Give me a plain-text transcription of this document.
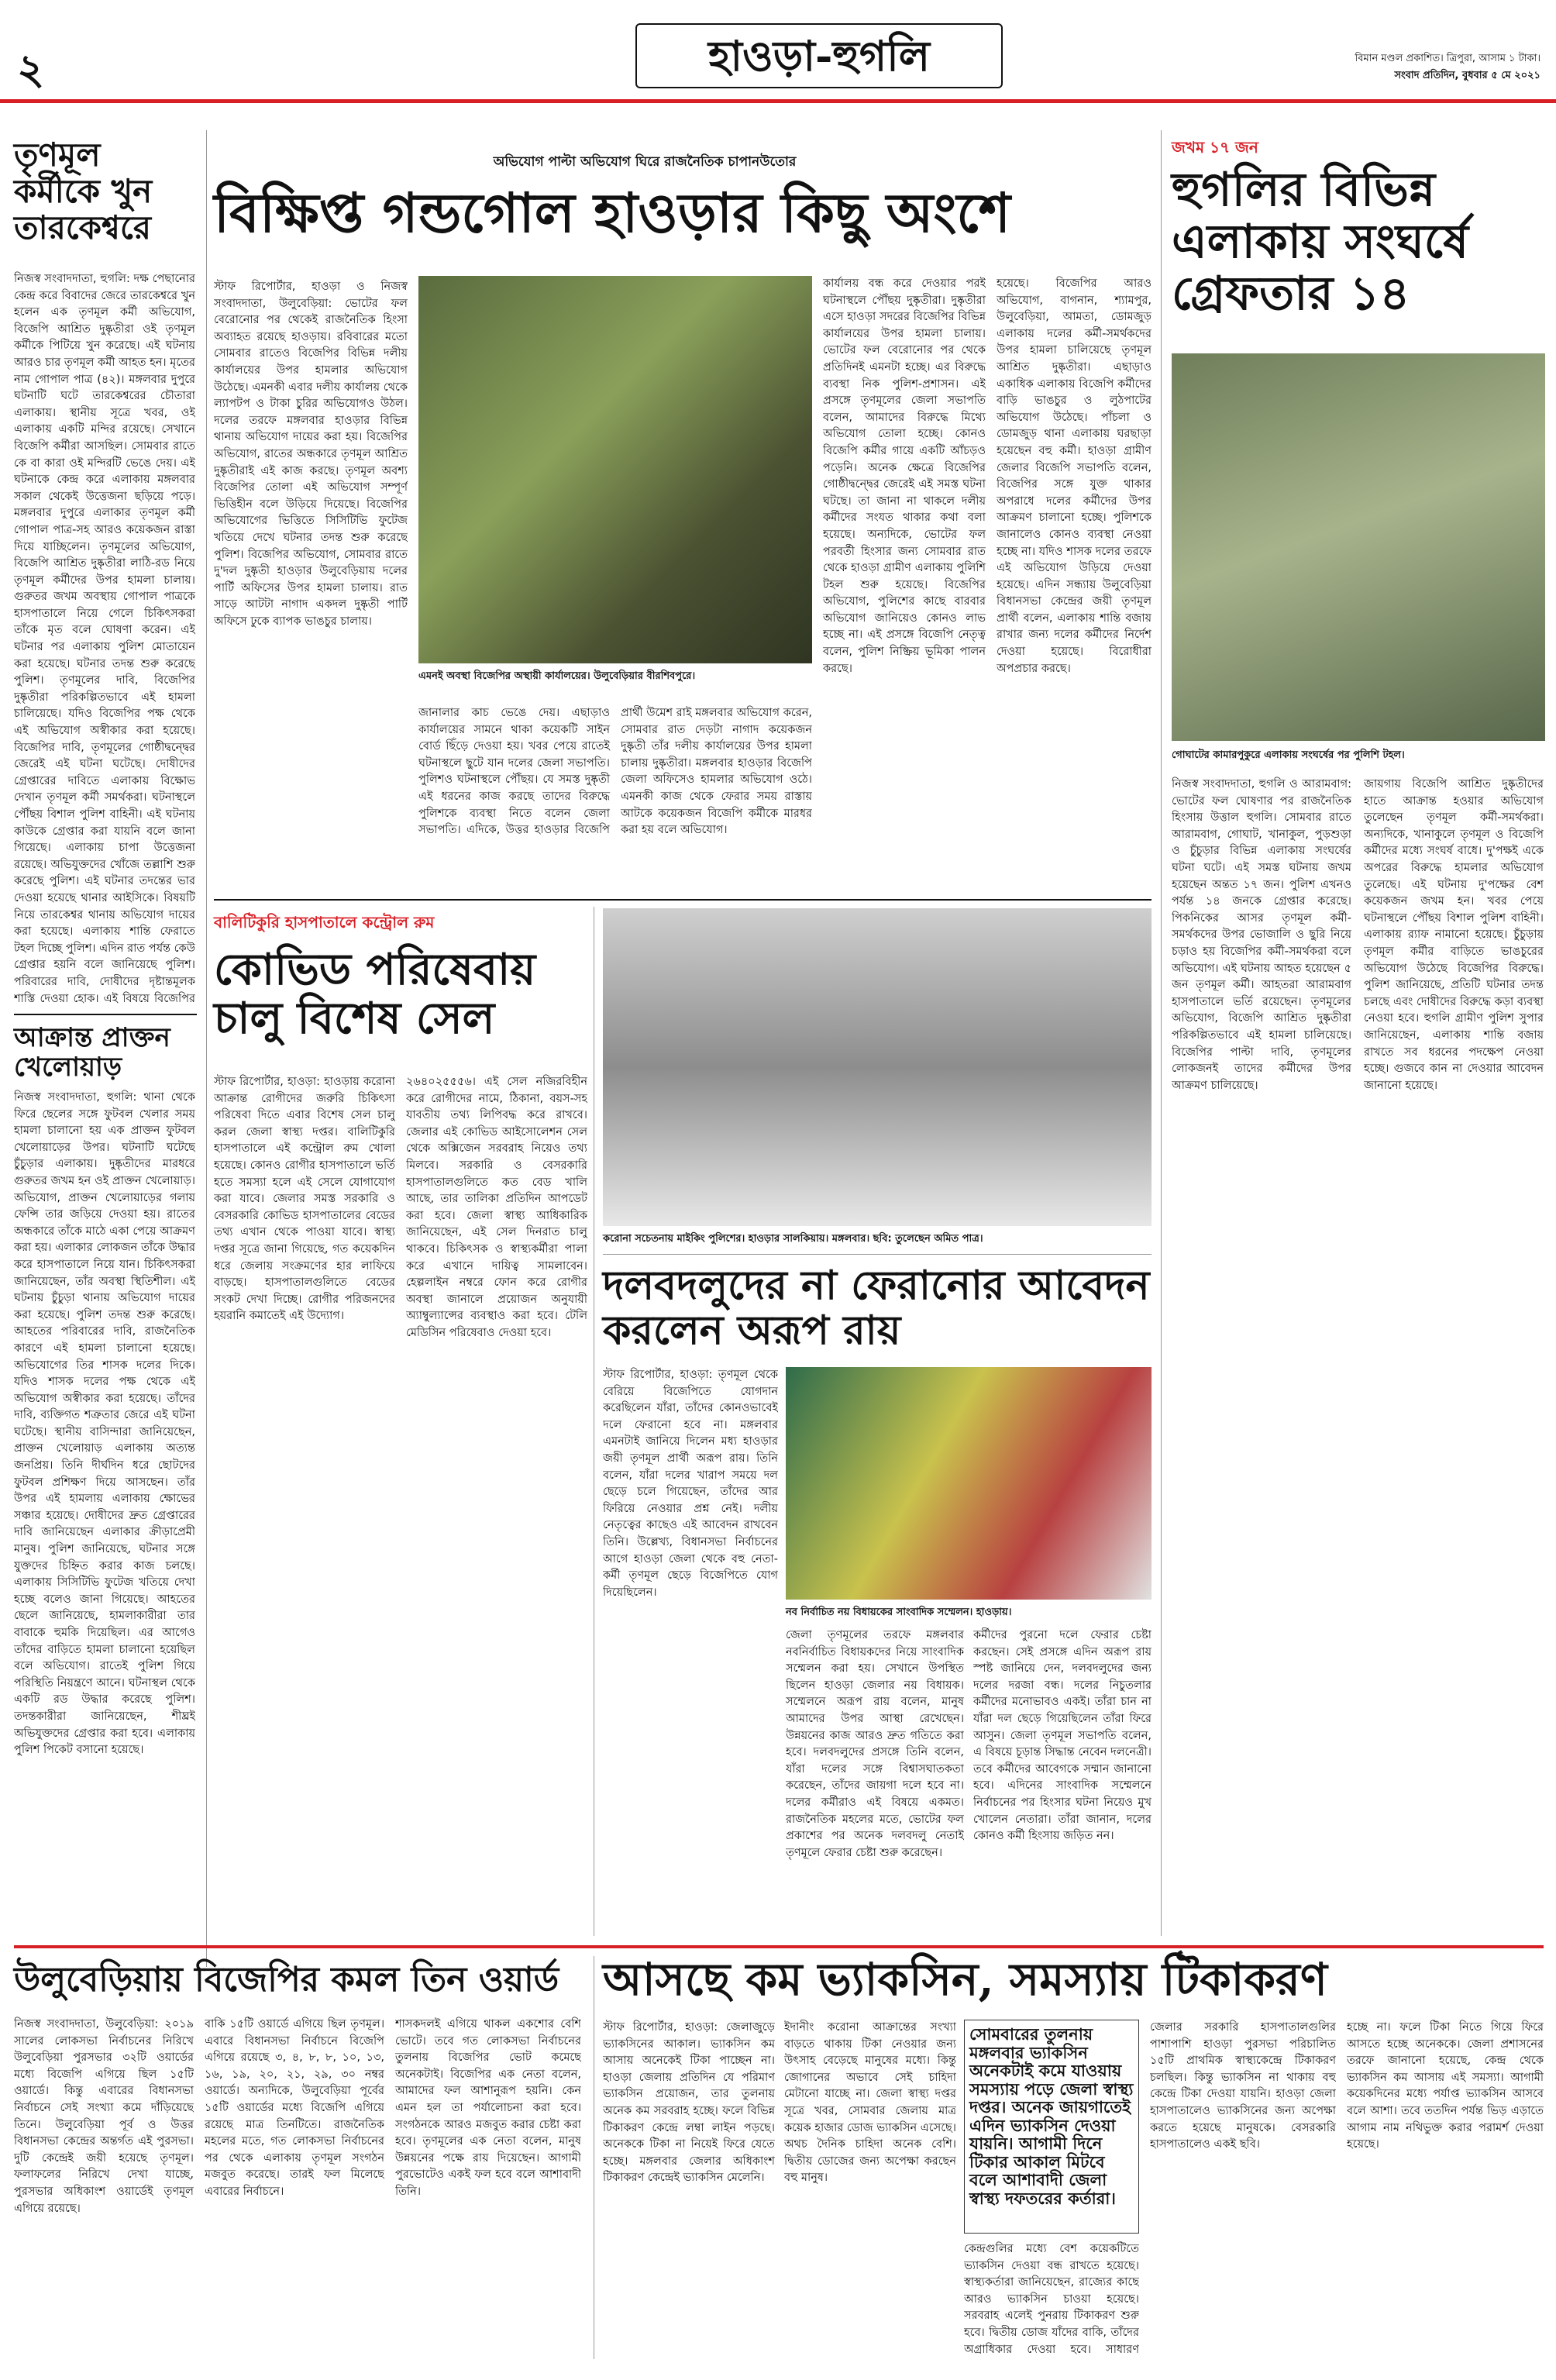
২	হাওড়া-হুগলি	বিমান মণ্ডল প্রকাশিত। ত্রিপুরা, আসাম ১ টাকা।
সংবাদ প্রতিদিন, বুধবার ৫ মে ২০২১
তৃণমূল কর্মীকে খুন তারকেশ্বরে
নিজস্ব সংবাদদাতা, হুগলি: দক্ষ পেছানোর কেন্দ্র করে বিবাদের জেরে তারকেশ্বরে খুন হলেন এক তৃণমূল কর্মী অভিযোগ, বিজেপি আশ্রিত দুষ্কৃতীরা ওই তৃণমূল কর্মীকে পিটিয়ে খুন করেছে। এই ঘটনায় আরও চার তৃণমূল কর্মী আহত হন। মৃতের নাম গোপাল পাত্র (৪২)। মঙ্গলবার দুপুরে ঘটনাটি ঘটে তারকেশ্বরের চৌতারা এলাকায়। স্থানীয় সূত্রে খবর, ওই এলাকায় একটি মন্দির রয়েছে। সেখানে বিজেপি কর্মীরা আসছিল। সোমবার রাতে কে বা কারা ওই মন্দিরটি ভেঙে দেয়। এই ঘটনাকে কেন্দ্র করে এলাকায় মঙ্গলবার সকাল থেকেই উত্তেজনা ছড়িয়ে পড়ে। মঙ্গলবার দুপুরে এলাকার তৃণমূল কর্মী গোপাল পাত্র-সহ আরও কয়েকজন রাস্তা দিয়ে যাচ্ছিলেন। তৃণমূলের অভিযোগ, বিজেপি আশ্রিত দুষ্কৃতীরা লাঠি-রড নিয়ে তৃণমূল কর্মীদের উপর হামলা চালায়। গুরুতর জখম অবস্থায় গোপাল পাত্রকে হাসপাতালে নিয়ে গেলে চিকিৎসকরা তাঁকে মৃত বলে ঘোষণা করেন। এই ঘটনার পর এলাকায় পুলিশ মোতায়েন করা হয়েছে। ঘটনার তদন্ত শুরু করেছে পুলিশ। তৃণমূলের দাবি, বিজেপির দুষ্কৃতীরা পরিকল্পিতভাবে এই হামলা চালিয়েছে। যদিও বিজেপির পক্ষ থেকে এই অভিযোগ অস্বীকার করা হয়েছে। বিজেপির দাবি, তৃণমূলের গোষ্ঠীদ্বন্দ্বের জেরেই এই ঘটনা ঘটেছে। দোষীদের গ্রেপ্তারের দাবিতে এলাকায় বিক্ষোভ দেখান তৃণমূল কর্মী সমর্থকরা। ঘটনাস্থলে পৌঁছয় বিশাল পুলিশ বাহিনী। এই ঘটনায় কাউকে গ্রেপ্তার করা যায়নি বলে জানা গিয়েছে। এলাকায় চাপা উত্তেজনা রয়েছে। অভিযুক্তদের খোঁজে তল্লাশি শুরু করেছে পুলিশ। এই ঘটনার তদন্তের ভার দেওয়া হয়েছে থানার আইসিকে। বিষয়টি নিয়ে তারকেশ্বর থানায় অভিযোগ দায়ের করা হয়েছে। এলাকায় শান্তি ফেরাতে টহল দিচ্ছে পুলিশ। এদিন রাত পর্যন্ত কেউ গ্রেপ্তার হয়নি বলে জানিয়েছে পুলিশ। পরিবারের দাবি, দোষীদের দৃষ্টান্তমূলক শাস্তি দেওয়া হোক। এই বিষয়ে বিজেপির
আক্রান্ত প্রাক্তন খেলোয়াড়
নিজস্ব সংবাদদাতা, হুগলি: থানা থেকে ফিরে ছেলের সঙ্গে ফুটবল খেলার সময় হামলা চালানো হয় এক প্রাক্তন ফুটবল খেলোয়াড়ের উপর। ঘটনাটি ঘটেছে চুঁচুড়ার এলাকায়। দুষ্কৃতীদের মারধরে গুরুতর জখম হন ওই প্রাক্তন খেলোয়াড়। অভিযোগ, প্রাক্তন খেলোয়াড়ের গলায় ফেন্সি তার জড়িয়ে দেওয়া হয়। রাতের অন্ধকারে তাঁকে মাঠে একা পেয়ে আক্রমণ করা হয়। এলাকার লোকজন তাঁকে উদ্ধার করে হাসপাতালে নিয়ে যান। চিকিৎসকরা জানিয়েছেন, তাঁর অবস্থা স্থিতিশীল। এই ঘটনায় চুঁচুড়া থানায় অভিযোগ দায়ের করা হয়েছে। পুলিশ তদন্ত শুরু করেছে। আহতের পরিবারের দাবি, রাজনৈতিক কারণে এই হামলা চালানো হয়েছে। অভিযোগের তির শাসক দলের দিকে। যদিও শাসক দলের পক্ষ থেকে এই অভিযোগ অস্বীকার করা হয়েছে। তাঁদের দাবি, ব্যক্তিগত শত্রুতার জেরে এই ঘটনা ঘটেছে। স্থানীয় বাসিন্দারা জানিয়েছেন, প্রাক্তন খেলোয়াড় এলাকায় অত্যন্ত জনপ্রিয়। তিনি দীর্ঘদিন ধরে ছোটদের ফুটবল প্রশিক্ষণ দিয়ে আসছেন। তাঁর উপর এই হামলায় এলাকায় ক্ষোভের সঞ্চার হয়েছে। দোষীদের দ্রুত গ্রেপ্তারের দাবি জানিয়েছেন এলাকার ক্রীড়াপ্রেমী মানুষ। পুলিশ জানিয়েছে, ঘটনার সঙ্গে যুক্তদের চিহ্নিত করার কাজ চলছে। এলাকায় সিসিটিভি ফুটেজ খতিয়ে দেখা হচ্ছে বলেও জানা গিয়েছে। আহতের ছেলে জানিয়েছে, হামলাকারীরা তার বাবাকে হুমকি দিয়েছিল। এর আগেও তাঁদের বাড়িতে হামলা চালানো হয়েছিল বলে অভিযোগ। রাতেই পুলিশ গিয়ে পরিস্থিতি নিয়ন্ত্রণে আনে। ঘটনাস্থল থেকে একটি রড উদ্ধার করেছে পুলিশ। তদন্তকারীরা জানিয়েছেন, শীঘ্রই অভিযুক্তদের গ্রেপ্তার করা হবে। এলাকায় পুলিশ পিকেট বসানো হয়েছে।
অভিযোগ পাল্টা অভিযোগ ঘিরে রাজনৈতিক চাপানউতোর
বিক্ষিপ্ত গন্ডগোল হাওড়ার কিছু অংশে
স্টাফ রিপোর্টার, হাওড়া ও নিজস্ব সংবাদদাতা, উলুবেড়িয়া: ভোটের ফল বেরোনোর পর থেকেই রাজনৈতিক হিংসা অব্যাহত রয়েছে হাওড়ায়। রবিবারের মতো সোমবার রাতেও বিজেপির বিভিন্ন দলীয় কার্যালয়ের উপর হামলার অভিযোগ উঠেছে। এমনকী এবার দলীয় কার্যালয় থেকে ল্যাপটপ ও টাকা চুরির অভিযোগও উঠল। দলের তরফে মঙ্গলবার হাওড়ার বিভিন্ন থানায় অভিযোগ দায়ের করা হয়। বিজেপির অভিযোগ, রাতের অন্ধকারে তৃণমূল আশ্রিত দুষ্কৃতীরাই এই কাজ করছে। তৃণমূল অবশ্য বিজেপির তোলা এই অভিযোগ সম্পূর্ণ ভিত্তিহীন বলে উড়িয়ে দিয়েছে। বিজেপির অভিযোগের ভিত্তিতে সিসিটিভি ফুটেজ খতিয়ে দেখে ঘটনার তদন্ত শুরু করেছে পুলিশ। বিজেপির অভিযোগ, সোমবার রাতে দু'দল দুষ্কৃতী হাওড়ার উলুবেড়িয়ায় দলের পার্টি অফিসের উপর হামলা চালায়। রাত সাড়ে আটটা নাগাদ একদল দুষ্কৃতী পার্টি অফিসে ঢুকে ব্যাপক ভাঙচুর চালায়।
এমনই অবস্থা বিজেপির অস্থায়ী কার্যালয়ের। উলুবেড়িয়ার বীরশিবপুরে।
জানালার কাচ ভেঙে দেয়। এছাড়াও কার্যালয়ের সামনে থাকা কয়েকটি সাইন বোর্ড ছিঁড়ে দেওয়া হয়। খবর পেয়ে রাতেই ঘটনাস্থলে ছুটে যান দলের জেলা সভাপতি। পুলিশও ঘটনাস্থলে পৌঁছয়। যে সমস্ত দুষ্কৃতী এই ধরনের কাজ করছে তাদের বিরুদ্ধে পুলিশকে ব্যবস্থা নিতে বলেন জেলা সভাপতি। এদিকে, উত্তর হাওড়ার বিজেপি প্রার্থী উমেশ রাই মঙ্গলবার অভিযোগ করেন, সোমবার রাত দেড়টা নাগাদ কয়েকজন দুষ্কৃতী তাঁর দলীয় কার্যালয়ের উপর হামলা চালায় দুষ্কৃতীরা। মঙ্গলবার হাওড়ার বিজেপি জেলা অফিসেও হামলার অভিযোগ ওঠে। এমনকী কাজ থেকে ফেরার সময় রাস্তায় আটকে কয়েকজন বিজেপি কর্মীকে মারধর করা হয় বলে অভিযোগ।
কার্যালয় বন্ধ করে দেওয়ার পরই ঘটনাস্থলে পৌঁছয় দুষ্কৃতীরা। দুষ্কৃতীরা এসে হাওড়া সদরের বিজেপির বিভিন্ন কার্যালয়ের উপর হামলা চালায়। ভোটের ফল বেরোনোর পর থেকে প্রতিদিনই এমনটা হচ্ছে। এর বিরুদ্ধে ব্যবস্থা নিক পুলিশ-প্রশাসন। এই প্রসঙ্গে তৃণমূলের জেলা সভাপতি বলেন, আমাদের বিরুদ্ধে মিথ্যে অভিযোগ তোলা হচ্ছে। কোনও বিজেপি কর্মীর গায়ে একটি আঁচড়ও পড়েনি। অনেক ক্ষেত্রে বিজেপির গোষ্ঠীদ্বন্দ্বের জেরেই এই সমস্ত ঘটনা ঘটছে। তা জানা না থাকলে দলীয় কর্মীদের সংযত থাকার কথা বলা হয়েছে। অন্যদিকে, ভোটের ফল পরবর্তী হিংসার জন্য সোমবার রাত থেকে হাওড়া গ্রামীণ এলাকায় পুলিশি টহল শুরু হয়েছে। বিজেপির অভিযোগ, পুলিশের কাছে বারবার অভিযোগ জানিয়েও কোনও লাভ হচ্ছে না। এই প্রসঙ্গে বিজেপি নেতৃত্ব বলেন, পুলিশ নিষ্ক্রিয় ভূমিকা পালন করছে।
হয়েছে। বিজেপির আরও অভিযোগ, বাগনান, শ্যামপুর, উলুবেড়িয়া, আমতা, ডোমজুড় এলাকায় দলের কর্মী-সমর্থকদের উপর হামলা চালিয়েছে তৃণমূল আশ্রিত দুষ্কৃতীরা। এছাড়াও একাধিক এলাকায় বিজেপি কর্মীদের বাড়ি ভাঙচুর ও লুঠপাটের অভিযোগ উঠেছে। পাঁচলা ও ডোমজুড় থানা এলাকায় ঘরছাড়া হয়েছেন বহু কর্মী। হাওড়া গ্রামীণ জেলার বিজেপি সভাপতি বলেন, বিজেপির সঙ্গে যুক্ত থাকার অপরাধে দলের কর্মীদের উপর আক্রমণ চালানো হচ্ছে। পুলিশকে জানালেও কোনও ব্যবস্থা নেওয়া হচ্ছে না। যদিও শাসক দলের তরফে এই অভিযোগ উড়িয়ে দেওয়া হয়েছে। এদিন সন্ধ্যায় উলুবেড়িয়া বিধানসভা কেন্দ্রের জয়ী তৃণমূল প্রার্থী বলেন, এলাকায় শান্তি বজায় রাখার জন্য দলের কর্মীদের নির্দেশ দেওয়া হয়েছে। বিরোধীরা অপপ্রচার করছে।
জখম ১৭ জন
হুগলির বিভিন্ন এলাকায় সংঘর্ষে গ্রেফতার ১৪
গোঘাটের কামারপুকুরে এলাকায় সংঘর্ষের পর পুলিশি টহল।
নিজস্ব সংবাদদাতা, হুগলি ও আরামবাগ: ভোটের ফল ঘোষণার পর রাজনৈতিক হিংসায় উত্তাল হুগলি। সোমবার রাতে আরামবাগ, গোঘাট, খানাকুল, পুড়শুড়া ও চুঁচুড়ার বিভিন্ন এলাকায় সংঘর্ষের ঘটনা ঘটে। এই সমস্ত ঘটনায় জখম হয়েছেন অন্তত ১৭ জন। পুলিশ এখনও পর্যন্ত ১৪ জনকে গ্রেপ্তার করেছে। পিকনিকের আসর তৃণমূল কর্মী-সমর্থকদের উপর ভোজালি ও ছুরি নিয়ে চড়াও হয় বিজেপির কর্মী-সমর্থকরা বলে অভিযোগ। এই ঘটনায় আহত হয়েছেন ৫ জন তৃণমূল কর্মী। আহতরা আরামবাগ হাসপাতালে ভর্তি রয়েছেন। তৃণমূলের অভিযোগ, বিজেপি আশ্রিত দুষ্কৃতীরা পরিকল্পিতভাবে এই হামলা চালিয়েছে। বিজেপির পাল্টা দাবি, তৃণমূলের লোকজনই তাদের কর্মীদের উপর আক্রমণ চালিয়েছে।
জায়গায় বিজেপি আশ্রিত দুষ্কৃতীদের হাতে আক্রান্ত হওয়ার অভিযোগ তুলেছেন তৃণমূল কর্মী-সমর্থকরা। অন্যদিকে, খানাকুলে তৃণমূল ও বিজেপি কর্মীদের মধ্যে সংঘর্ষ বাধে। দু'পক্ষই একে অপরের বিরুদ্ধে হামলার অভিযোগ তুলেছে। এই ঘটনায় দু'পক্ষের বেশ কয়েকজন জখম হন। খবর পেয়ে ঘটনাস্থলে পৌঁছয় বিশাল পুলিশ বাহিনী। এলাকায় র‍্যাফ নামানো হয়েছে। চুঁচুড়ায় তৃণমূল কর্মীর বাড়িতে ভাঙচুরের অভিযোগ উঠেছে বিজেপির বিরুদ্ধে। পুলিশ জানিয়েছে, প্রতিটি ঘটনার তদন্ত চলছে এবং দোষীদের বিরুদ্ধে কড়া ব্যবস্থা নেওয়া হবে। হুগলি গ্রামীণ পুলিশ সুপার জানিয়েছেন, এলাকায় শান্তি বজায় রাখতে সব ধরনের পদক্ষেপ নেওয়া হচ্ছে। গুজবে কান না দেওয়ার আবেদন জানানো হয়েছে।
বালিটিকুরি হাসপাতালে কন্ট্রোল রুম
কোভিড পরিষেবায় চালু বিশেষ সেল
স্টাফ রিপোর্টার, হাওড়া: হাওড়ায় করোনা আক্রান্ত রোগীদের জরুরি চিকিৎসা পরিষেবা দিতে এবার বিশেষ সেল চালু করল জেলা স্বাস্থ্য দপ্তর। বালিটিকুরি হাসপাতালে এই কন্ট্রোল রুম খোলা হয়েছে। কোনও রোগীর হাসপাতালে ভর্তি হতে সমস্যা হলে এই সেলে যোগাযোগ করা যাবে। জেলার সমস্ত সরকারি ও বেসরকারি কোভিড হাসপাতালের বেডের তথ্য এখান থেকে পাওয়া যাবে। স্বাস্থ্য দপ্তর সূত্রে জানা গিয়েছে, গত কয়েকদিন ধরে জেলায় সংক্রমণের হার লাফিয়ে বাড়ছে। হাসপাতালগুলিতে বেডের সংকট দেখা দিচ্ছে। রোগীর পরিজনদের হয়রানি কমাতেই এই উদ্যোগ।
২৬৪০২৫৫৫৬। এই সেল নজিরবিহীন করে রোগীদের নামে, ঠিকানা, বয়স-সহ যাবতীয় তথ্য লিপিবদ্ধ করে রাখবে। জেলার এই কোভিড আইসোলেশন সেল থেকে অক্সিজেন সরবরাহ নিয়েও তথ্য মিলবে। সরকারি ও বেসরকারি হাসপাতালগুলিতে কত বেড খালি আছে, তার তালিকা প্রতিদিন আপডেট করা হবে। জেলা স্বাস্থ্য আধিকারিক জানিয়েছেন, এই সেল দিনরাত চালু থাকবে। চিকিৎসক ও স্বাস্থ্যকর্মীরা পালা করে এখানে দায়িত্ব সামলাবেন। হেল্পলাইন নম্বরে ফোন করে রোগীর অবস্থা জানালে প্রয়োজন অনুযায়ী অ্যাম্বুল্যান্সের ব্যবস্থাও করা হবে। টেলি মেডিসিন পরিষেবাও দেওয়া হবে।
করোনা সচেতনায় মাইকিং পুলিশের। হাওড়ার সালকিয়ায়। মঙ্গলবার। ছবি: তুলেছেন অমিত পাত্র।
দলবদলুদের না ফেরানোর আবেদন করলেন অরূপ রায়
স্টাফ রিপোর্টার, হাওড়া: তৃণমূল থেকে বেরিয়ে বিজেপিতে যোগদান করেছিলেন যাঁরা, তাঁদের কোনওভাবেই দলে ফেরানো হবে না। মঙ্গলবার এমনটাই জানিয়ে দিলেন মধ্য হাওড়ার জয়ী তৃণমূল প্রার্থী অরূপ রায়। তিনি বলেন, যাঁরা দলের খারাপ সময়ে দল ছেড়ে চলে গিয়েছেন, তাঁদের আর ফিরিয়ে নেওয়ার প্রশ্ন নেই। দলীয় নেতৃত্বের কাছেও এই আবেদন রাখবেন তিনি। উল্লেখ্য, বিধানসভা নির্বাচনের আগে হাওড়া জেলা থেকে বহু নেতা-কর্মী তৃণমূল ছেড়ে বিজেপিতে যোগ দিয়েছিলেন।
নব নির্বাচিত নয় বিধায়কের সাংবাদিক সম্মেলন। হাওড়ায়।
জেলা তৃণমূলের তরফে মঙ্গলবার নবনির্বাচিত বিধায়কদের নিয়ে সাংবাদিক সম্মেলন করা হয়। সেখানে উপস্থিত ছিলেন হাওড়া জেলার নয় বিধায়ক। সম্মেলনে অরূপ রায় বলেন, মানুষ আমাদের উপর আস্থা রেখেছেন। উন্নয়নের কাজ আরও দ্রুত গতিতে করা হবে। দলবদলুদের প্রসঙ্গে তিনি বলেন, যাঁরা দলের সঙ্গে বিশ্বাসঘাতকতা করেছেন, তাঁদের জায়গা দলে হবে না। দলের কর্মীরাও এই বিষয়ে একমত। রাজনৈতিক মহলের মতে, ভোটের ফল প্রকাশের পর অনেক দলবদলু নেতাই তৃণমূলে ফেরার চেষ্টা শুরু করেছেন।
কর্মীদের পুরনো দলে ফেরার চেষ্টা করছেন। সেই প্রসঙ্গে এদিন অরূপ রায় স্পষ্ট জানিয়ে দেন, দলবদলুদের জন্য দলের দরজা বন্ধ। দলের নিচুতলার কর্মীদের মনোভাবও একই। তাঁরা চান না যাঁরা দল ছেড়ে গিয়েছিলেন তাঁরা ফিরে আসুন। জেলা তৃণমূল সভাপতি বলেন, এ বিষয়ে চূড়ান্ত সিদ্ধান্ত নেবেন দলনেত্রী। তবে কর্মীদের আবেগকে সম্মান জানানো হবে। এদিনের সাংবাদিক সম্মেলনে নির্বাচনের পর হিংসার ঘটনা নিয়েও মুখ খোলেন নেতারা। তাঁরা জানান, দলের কোনও কর্মী হিংসায় জড়িত নন।
উলুবেড়িয়ায় বিজেপির কমল তিন ওয়ার্ড
নিজস্ব সংবাদদাতা, উলুবেড়িয়া: ২০১৯ সালের লোকসভা নির্বাচনের নিরিখে উলুবেড়িয়া পুরসভার ৩২টি ওয়ার্ডের মধ্যে বিজেপি এগিয়ে ছিল ১৫টি ওয়ার্ডে। কিন্তু এবারের বিধানসভা নির্বাচনে সেই সংখ্যা কমে দাঁড়িয়েছে তিনে। উলুবেড়িয়া পূর্ব ও উত্তর বিধানসভা কেন্দ্রের অন্তর্গত এই পুরসভা। দুটি কেন্দ্রেই জয়ী হয়েছে তৃণমূল। ফলাফলের নিরিখে দেখা যাচ্ছে, পুরসভার অধিকাংশ ওয়ার্ডেই তৃণমূল এগিয়ে রয়েছে।
বাকি ১৫টি ওয়ার্ডে এগিয়ে ছিল তৃণমূল। এবারে বিধানসভা নির্বাচনে বিজেপি এগিয়ে রয়েছে ৩, ৪, ৮, ৮, ১০, ১৩, ১৬, ১৯, ২০, ২১, ২৯, ৩০ নম্বর ওয়ার্ডে। অন্যদিকে, উলুবেড়িয়া পূর্বের ১৫টি ওয়ার্ডের মধ্যে বিজেপি এগিয়ে রয়েছে মাত্র তিনটিতে। রাজনৈতিক মহলের মতে, গত লোকসভা নির্বাচনের পর থেকে এলাকায় তৃণমূল সংগঠন মজবুত করেছে। তারই ফল মিলেছে এবারের নির্বাচনে।
শাসকদলই এগিয়ে থাকল একশোর বেশি ভোটে। তবে গত লোকসভা নির্বাচনের তুলনায় বিজেপির ভোট কমেছে অনেকটাই। বিজেপির এক নেতা বলেন, আমাদের ফল আশানুরূপ হয়নি। কেন এমন হল তা পর্যালোচনা করা হবে। সংগঠনকে আরও মজবুত করার চেষ্টা করা হবে। তৃণমূলের এক নেতা বলেন, মানুষ উন্নয়নের পক্ষে রায় দিয়েছেন। আগামী পুরভোটেও একই ফল হবে বলে আশাবাদী তিনি।
আসছে কম ভ্যাকসিন, সমস্যায় টিকাকরণ
স্টাফ রিপোর্টার, হাওড়া: জেলাজুড়ে ভ্যাকসিনের আকাল। ভ্যাকসিন কম আসায় অনেকেই টিকা পাচ্ছেন না। হাওড়া জেলায় প্রতিদিন যে পরিমাণ ভ্যাকসিন প্রয়োজন, তার তুলনায় অনেক কম সরবরাহ হচ্ছে। ফলে বিভিন্ন টিকাকরণ কেন্দ্রে লম্বা লাইন পড়ছে। অনেককে টিকা না নিয়েই ফিরে যেতে হচ্ছে। মঙ্গলবার জেলার অধিকাংশ টিকাকরণ কেন্দ্রেই ভ্যাকসিন মেলেনি।
ইদানীং করোনা আক্রান্তের সংখ্যা বাড়তে থাকায় টিকা নেওয়ার জন্য উৎসাহ বেড়েছে মানুষের মধ্যে। কিন্তু জোগানের অভাবে সেই চাহিদা মেটানো যাচ্ছে না। জেলা স্বাস্থ্য দপ্তর সূত্রে খবর, সোমবার জেলায় মাত্র কয়েক হাজার ডোজ ভ্যাকসিন এসেছে। অথচ দৈনিক চাহিদা অনেক বেশি। দ্বিতীয় ডোজের জন্য অপেক্ষা করছেন বহু মানুষ।
সোমবারের তুলনায় মঙ্গলবার ভ্যাকসিন অনেকটাই কমে যাওয়ায় সমস্যায় পড়ে জেলা স্বাস্থ্য দপ্তর। অনেক জায়গাতেই এদিন ভ্যাকসিন দেওয়া যায়নি। আগামী দিনে টিকার আকাল মিটবে বলে আশাবাদী জেলা স্বাস্থ্য দফতরের কর্তারা।
কেন্দ্রগুলির মধ্যে বেশ কয়েকটিতে ভ্যাকসিন দেওয়া বন্ধ রাখতে হয়েছে। স্বাস্থ্যকর্তারা জানিয়েছেন, রাজ্যের কাছে আরও ভ্যাকসিন চাওয়া হয়েছে। সরবরাহ এলেই পুনরায় টিকাকরণ শুরু হবে। দ্বিতীয় ডোজ যাঁদের বাকি, তাঁদের অগ্রাধিকার দেওয়া হবে। সাধারণ
জেলার সরকারি হাসপাতালগুলির পাশাপাশি হাওড়া পুরসভা পরিচালিত ১৫টি প্রাথমিক স্বাস্থ্যকেন্দ্রে টিকাকরণ চলছিল। কিন্তু ভ্যাকসিন না থাকায় বহু কেন্দ্রে টিকা দেওয়া যায়নি। হাওড়া জেলা হাসপাতালেও ভ্যাকসিনের জন্য অপেক্ষা করতে হয়েছে মানুষকে। বেসরকারি হাসপাতালেও একই ছবি।
হচ্ছে না। ফলে টিকা নিতে গিয়ে ফিরে আসতে হচ্ছে অনেককে। জেলা প্রশাসনের তরফে জানানো হয়েছে, কেন্দ্র থেকে ভ্যাকসিন কম আসায় এই সমস্যা। আগামী কয়েকদিনের মধ্যে পর্যাপ্ত ভ্যাকসিন আসবে বলে আশা। তবে ততদিন পর্যন্ত ভিড় এড়াতে আগাম নাম নথিভুক্ত করার পরামর্শ দেওয়া হয়েছে।
